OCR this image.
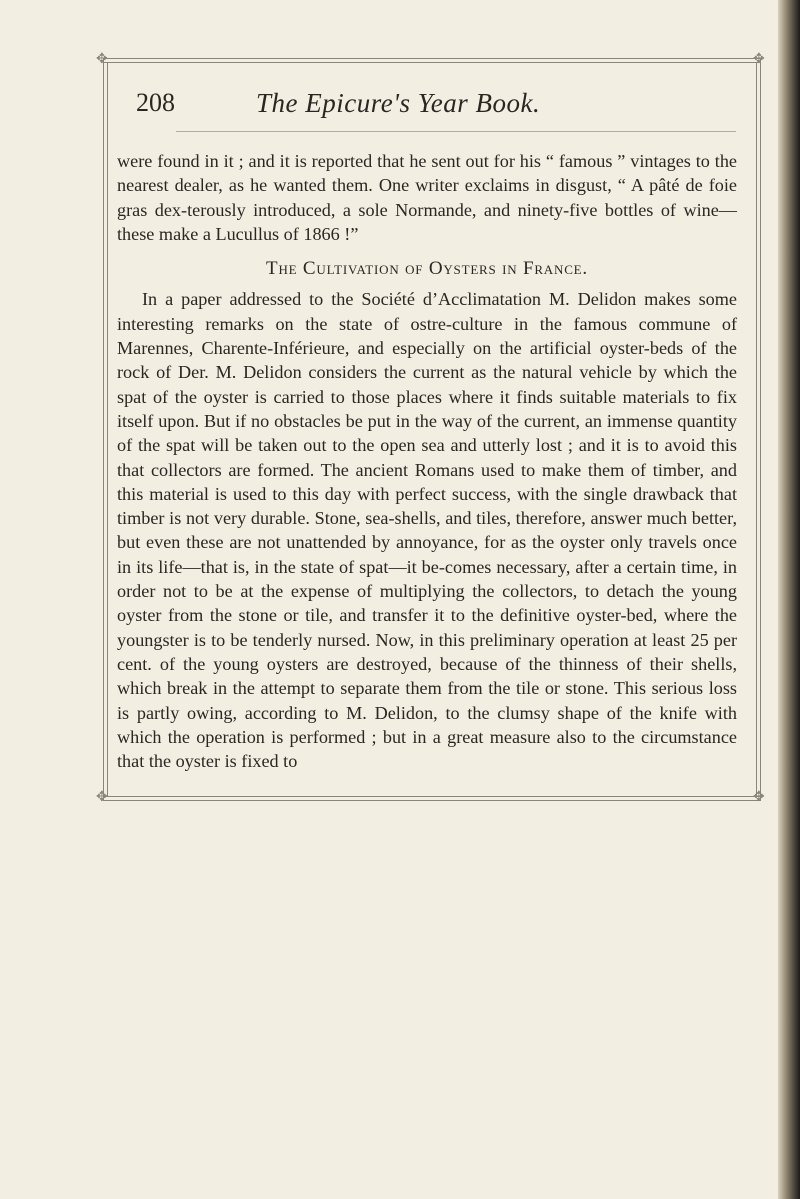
✥	✥
✥	✥
208	The Epicure's Year Book.

were found in it ; and it is reported that he sent out for his “ famous ” vintages to the nearest dealer, as he wanted them. One writer exclaims in disgust, “ A pâté de foie gras dex-terously introduced, a sole Normande, and ninety-five bottles of wine—these make a Lucullus of 1866 !”

The Cultivation of Oysters in France.

In a paper addressed to the Société d’Acclimatation M. Delidon makes some interesting remarks on the state of ostre-culture in the famous commune of Marennes, Charente-Inférieure, and especially on the artificial oyster-beds of the rock of Der. M. Delidon considers the current as the natural vehicle by which the spat of the oyster is carried to those places where it finds suitable materials to fix itself upon. But if no obstacles be put in the way of the current, an immense quantity of the spat will be taken out to the open sea and utterly lost ; and it is to avoid this that collectors are formed. The ancient Romans used to make them of timber, and this material is used to this day with perfect success, with the single drawback that timber is not very durable. Stone, sea-shells, and tiles, therefore, answer much better, but even these are not unattended by annoyance, for as the oyster only travels once in its life—that is, in the state of spat—it be-comes necessary, after a certain time, in order not to be at the expense of multiplying the collectors, to detach the young oyster from the stone or tile, and transfer it to the definitive oyster-bed, where the youngster is to be tenderly nursed. Now, in this preliminary operation at least 25 per cent. of the young oysters are destroyed, because of the thinness of their shells, which break in the attempt to separate them from the tile or stone. This serious loss is partly owing, according to M. Delidon, to the clumsy shape of the knife with which the operation is performed ; but in a great measure also to the circumstance that the oyster is fixed to
